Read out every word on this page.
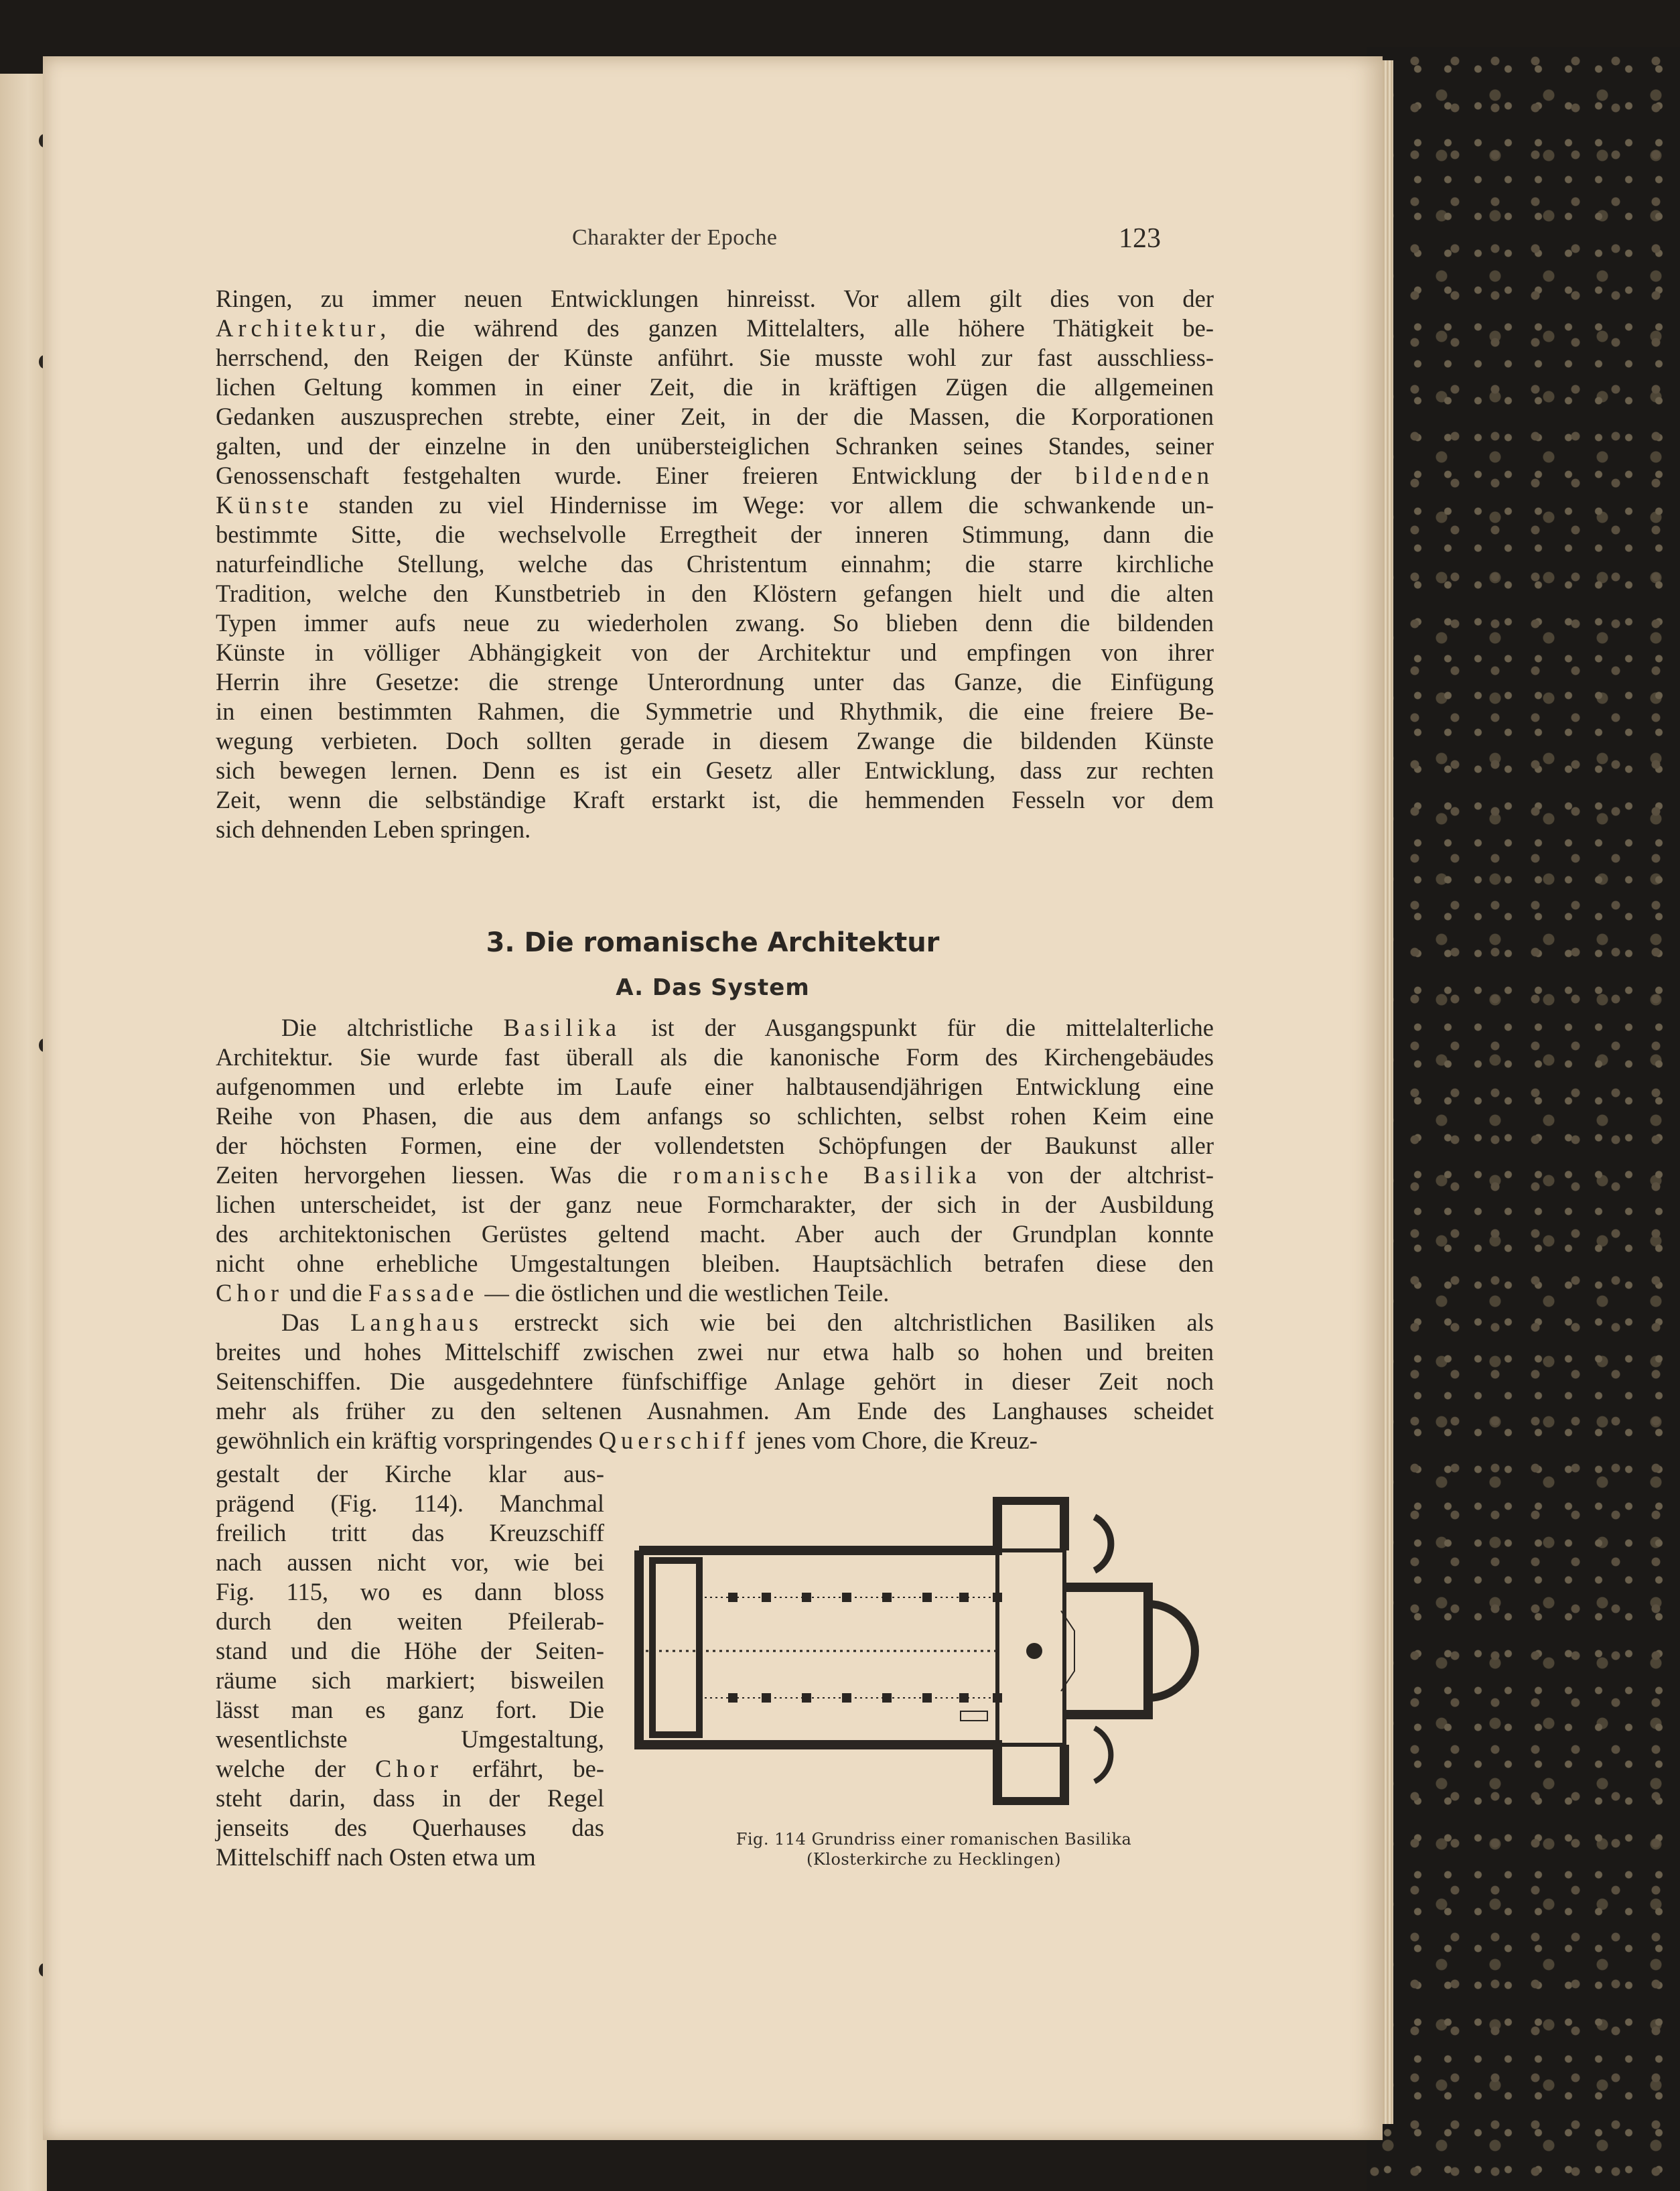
Charakter der Epoche	123
Ringen, zu immer neuen Entwicklungen hinreisst. Vor allem gilt dies von der
Architektur, die während des ganzen Mittelalters, alle höhere Thätigkeit be-
herrschend, den Reigen der Künste anführt. Sie musste wohl zur fast ausschliess-
lichen Geltung kommen in einer Zeit, die in kräftigen Zügen die allgemeinen
Gedanken auszusprechen strebte, einer Zeit, in der die Massen, die Korporationen
galten, und der einzelne in den unübersteiglichen Schranken seines Standes, seiner
Genossenschaft festgehalten wurde. Einer freieren Entwicklung der bildenden
Künste standen zu viel Hindernisse im Wege: vor allem die schwankende un-
bestimmte Sitte, die wechselvolle Erregtheit der inneren Stimmung, dann die
naturfeindliche Stellung, welche das Christentum einnahm; die starre kirchliche
Tradition, welche den Kunstbetrieb in den Klöstern gefangen hielt und die alten
Typen immer aufs neue zu wiederholen zwang. So blieben denn die bildenden
Künste in völliger Abhängigkeit von der Architektur und empfingen von ihrer
Herrin ihre Gesetze: die strenge Unterordnung unter das Ganze, die Einfügung
in einen bestimmten Rahmen, die Symmetrie und Rhythmik, die eine freiere Be-
wegung verbieten. Doch sollten gerade in diesem Zwange die bildenden Künste
sich bewegen lernen. Denn es ist ein Gesetz aller Entwicklung, dass zur rechten
Zeit, wenn die selbständige Kraft erstarkt ist, die hemmenden Fesseln vor dem
sich dehnenden Leben springen.
3. Die romanische Architektur
A. Das System
Die altchristliche Basilika ist der Ausgangspunkt für die mittelalterliche
Architektur. Sie wurde fast überall als die kanonische Form des Kirchengebäudes
aufgenommen und erlebte im Laufe einer halbtausendjährigen Entwicklung eine
Reihe von Phasen, die aus dem anfangs so schlichten, selbst rohen Keim eine
der höchsten Formen, eine der vollendetsten Schöpfungen der Baukunst aller
Zeiten hervorgehen liessen. Was die romanische Basilika von der altchrist-
lichen unterscheidet, ist der ganz neue Formcharakter, der sich in der Ausbildung
des architektonischen Gerüstes geltend macht. Aber auch der Grundplan konnte
nicht ohne erhebliche Umgestaltungen bleiben. Hauptsächlich betrafen diese den
Chor und die Fassade — die östlichen und die westlichen Teile.
Das Langhaus erstreckt sich wie bei den altchristlichen Basiliken als
breites und hohes Mittelschiff zwischen zwei nur etwa halb so hohen und breiten
Seitenschiffen. Die ausgedehntere fünfschiffige Anlage gehört in dieser Zeit noch
mehr als früher zu den seltenen Ausnahmen. Am Ende des Langhauses scheidet
gewöhnlich ein kräftig vorspringendes Querschiff jenes vom Chore, die Kreuz-
gestalt der Kirche klar aus-
prägend (Fig. 114). Manchmal
freilich tritt das Kreuzschiff
nach aussen nicht vor, wie bei
Fig. 115, wo es dann bloss
durch den weiten Pfeilerab-
stand und die Höhe der Seiten-
räume sich markiert; bisweilen
lässt man es ganz fort. Die
wesentlichste Umgestaltung,
welche der Chor erfährt, be-
steht darin, dass in der Regel
jenseits des Querhauses das
Mittelschiff nach Osten etwa um

Fig. 114 Grundriss einer romanischen Basilika
(Klosterkirche zu Hecklingen)
